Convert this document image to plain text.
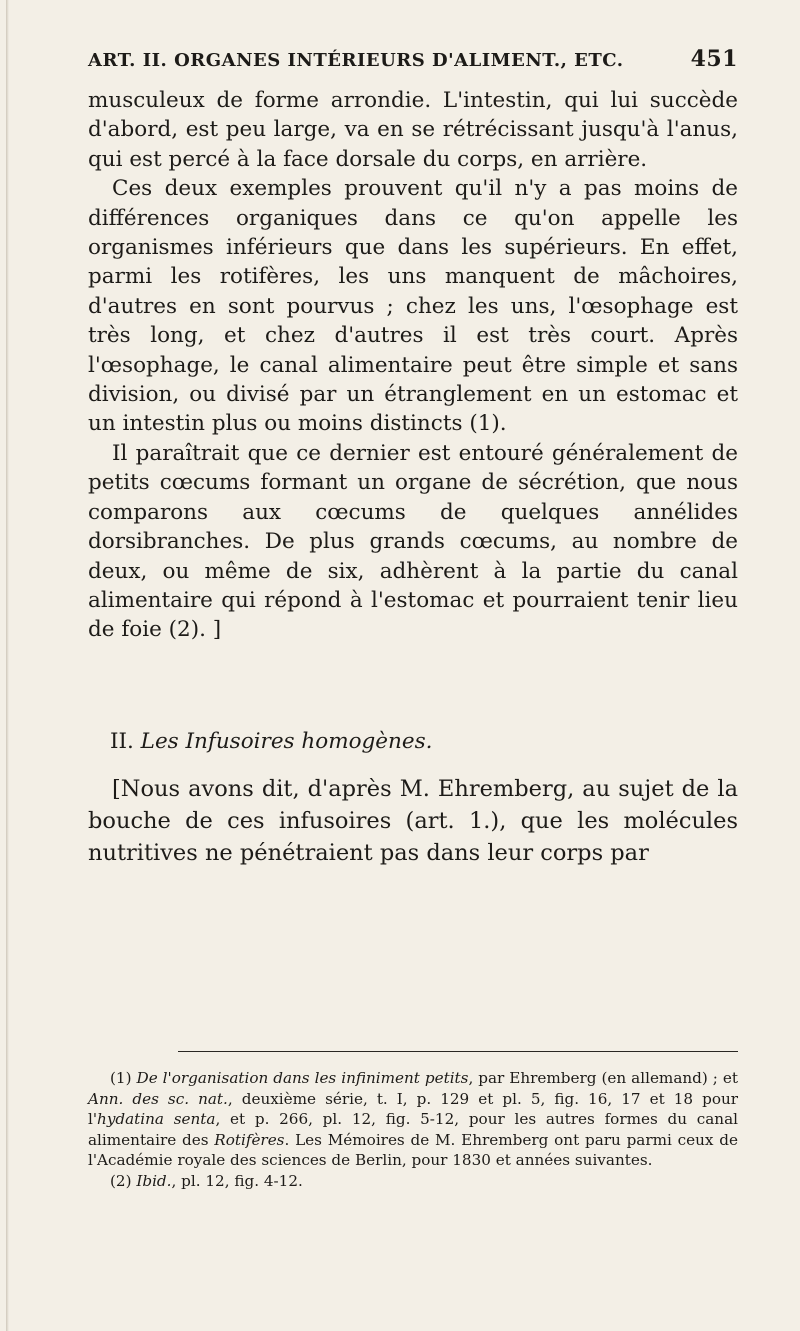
ART. II. ORGANES INTÉRIEURS D'ALIMENT., ETC.	451

musculeux de forme arrondie. L'intestin, qui lui succède d'abord, est peu large, va en se rétrécissant jusqu'à l'anus, qui est percé à la face dorsale du corps, en arrière.

Ces deux exemples prouvent qu'il n'y a pas moins de différences organiques dans ce qu'on appelle les organismes inférieurs que dans les supérieurs. En effet, parmi les rotifères, les uns manquent de mâchoires, d'autres en sont pourvus ; chez les uns, l'œsophage est très long, et chez d'autres il est très court. Après l'œsophage, le canal alimentaire peut être simple et sans division, ou divisé par un étranglement en un estomac et un intestin plus ou moins distincts (1).

Il paraîtrait que ce dernier est entouré généralement de petits cœcums formant un organe de sécrétion, que nous comparons aux cœcums de quelques annélides dorsibranches. De plus grands cœcums, au nombre de deux, ou même de six, adhèrent à la partie du canal alimentaire qui répond à l'estomac et pourraient tenir lieu de foie (2). ]

II. Les Infusoires homogènes.

[Nous avons dit, d'après M. Ehremberg, au sujet de la bouche de ces infusoires (art. 1.), que les molécules nutritives ne pénétraient pas dans leur corps par

(1) De l'organisation dans les infiniment petits, par Ehremberg (en allemand) ; et Ann. des sc. nat., deuxième série, t. I, p. 129 et pl. 5, fig. 16, 17 et 18 pour l'hydatina senta, et p. 266, pl. 12, fig. 5-12, pour les autres formes du canal alimentaire des Rotifères. Les Mémoires de M. Ehremberg ont paru parmi ceux de l'Académie royale des sciences de Berlin, pour 1830 et années suivantes.

(2) Ibid., pl. 12, fig. 4-12.
